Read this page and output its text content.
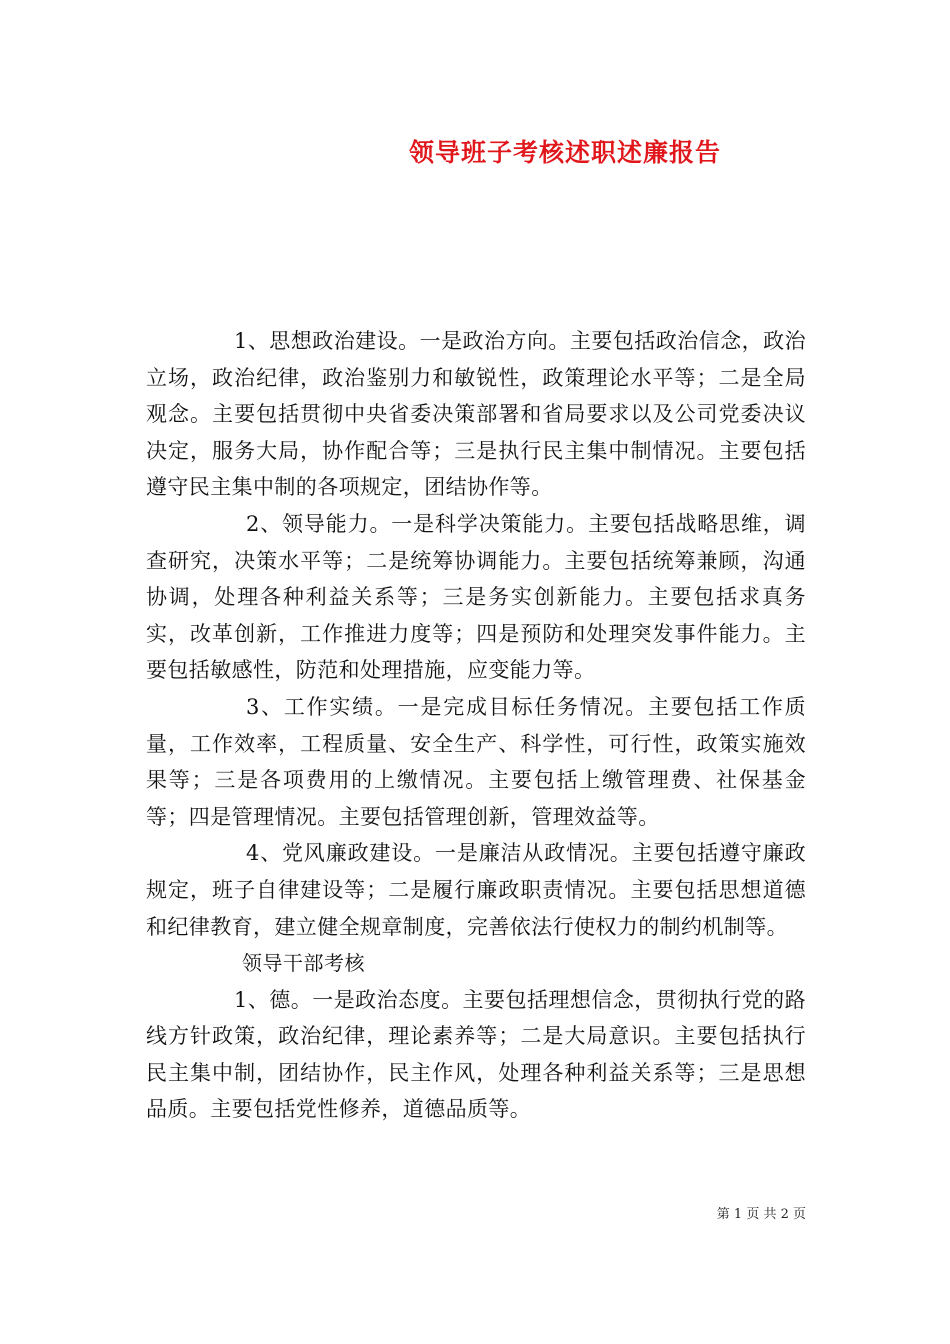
领导班子考核述职述廉报告

1、思想政治建设。一是政治方向。主要包括政治信念，政治立场，政治纪律，政治鉴别力和敏锐性，政策理论水平等；二是全局观念。主要包括贯彻中央省委决策部署和省局要求以及公司党委决议决定，服务大局，协作配合等；三是执行民主集中制情况。主要包括遵守民主集中制的各项规定，团结协作等。

2、领导能力。一是科学决策能力。主要包括战略思维，调查研究，决策水平等；二是统筹协调能力。主要包括统筹兼顾，沟通协调，处理各种利益关系等；三是务实创新能力。主要包括求真务实，改革创新，工作推进力度等；四是预防和处理突发事件能力。主要包括敏感性，防范和处理措施，应变能力等。

3、工作实绩。一是完成目标任务情况。主要包括工作质量，工作效率，工程质量、安全生产、科学性，可行性，政策实施效果等；三是各项费用的上缴情况。主要包括上缴管理费、社保基金等；四是管理情况。主要包括管理创新，管理效益等。

4、党风廉政建设。一是廉洁从政情况。主要包括遵守廉政规定，班子自律建设等；二是履行廉政职责情况。主要包括思想道德和纪律教育，建立健全规章制度，完善依法行使权力的制约机制等。

领导干部考核

1、德。一是政治态度。主要包括理想信念，贯彻执行党的路线方针政策，政治纪律，理论素养等；二是大局意识。主要包括执行民主集中制，团结协作，民主作风，处理各种利益关系等；三是思想品质。主要包括党性修养，道德品质等。

第 1 页 共 2 页
